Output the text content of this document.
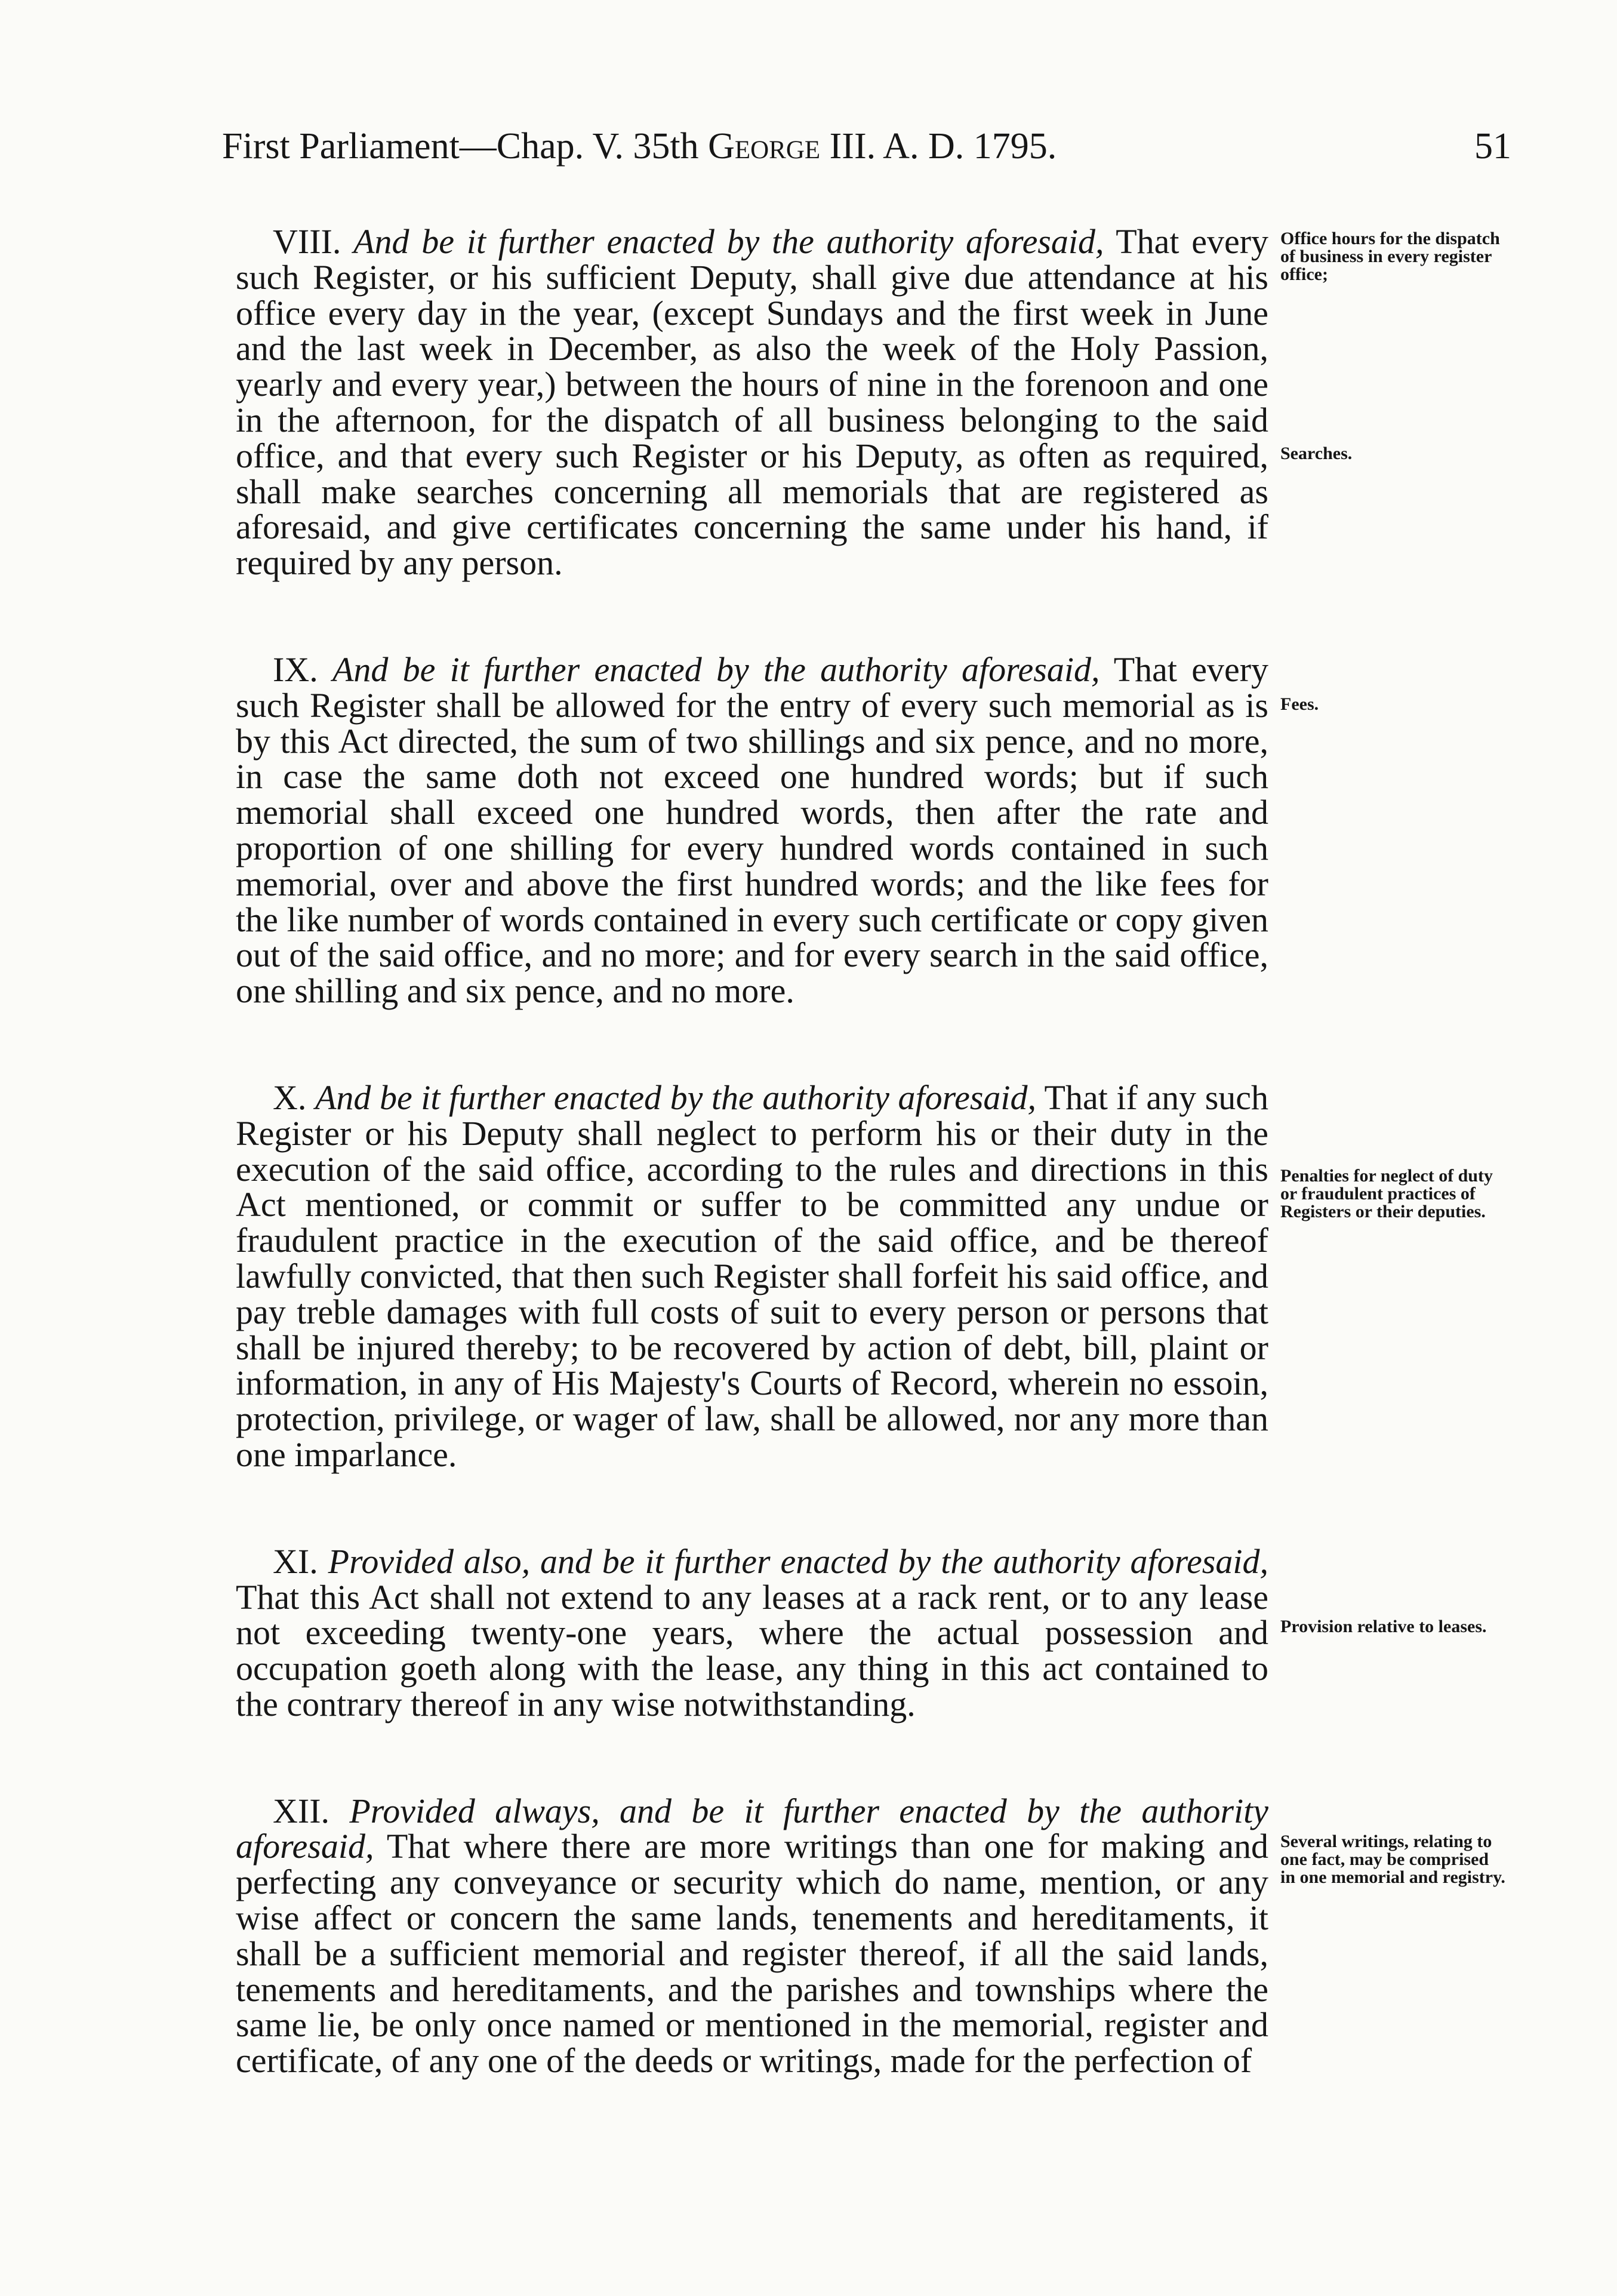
First Parliament—Chap. V. 35th George III. A. D. 1795.	51

VIII. And be it further enacted by the authority aforesaid, That every such Register, or his sufficient Deputy, shall give due attendance at his office every day in the year, (except Sundays and the first week in June and the last week in December, as also the week of the Holy Passion, yearly and every year,) between the hours of nine in the forenoon and one in the afternoon, for the dispatch of all business belonging to the said office, and that every such Register or his Deputy, as often as required, shall make searches concerning all memorials that are registered as aforesaid, and give certificates concerning the same under his hand, if required by any person.

IX. And be it further enacted by the authority aforesaid, That every such Register shall be allowed for the entry of every such memorial as is by this Act directed, the sum of two shillings and six pence, and no more, in case the same doth not exceed one hundred words; but if such memorial shall exceed one hundred words, then after the rate and proportion of one shilling for every hundred words contained in such memorial, over and above the first hundred words; and the like fees for the like number of words contained in every such certificate or copy given out of the said office, and no more; and for every search in the said office, one shilling and six pence, and no more.

X. And be it further enacted by the authority aforesaid, That if any such Register or his Deputy shall neglect to perform his or their duty in the execution of the said office, according to the rules and directions in this Act mentioned, or commit or suffer to be committed any undue or fraudulent practice in the execution of the said office, and be thereof lawfully convicted, that then such Register shall forfeit his said office, and pay treble damages with full costs of suit to every person or persons that shall be injured thereby; to be recovered by action of debt, bill, plaint or information, in any of His Majesty's Courts of Record, wherein no essoin, protection, privilege, or wager of law, shall be allowed, nor any more than one imparlance.

XI. Provided also, and be it further enacted by the authority aforesaid, That this Act shall not extend to any leases at a rack rent, or to any lease not exceeding twenty-one years, where the actual possession and occupation goeth along with the lease, any thing in this act contained to the contrary thereof in any wise notwithstanding.

XII. Provided always, and be it further enacted by the authority aforesaid, That where there are more writings than one for making and perfecting any conveyance or security which do name, mention, or any wise affect or concern the same lands, tenements and hereditaments, it shall be a sufficient memorial and register thereof, if all the said lands, tenements and hereditaments, and the parishes and townships where the same lie, be only once named or mentioned in the memorial, register and certificate, of any one of the deeds or writings, made for the perfection of

Office hours for the dispatch of business in every register office;
Searches.
Fees.
Penalties for neglect of duty or fraudulent practices of Registers or their deputies.
Provision relative to leases.
Several writings, relating to one fact, may be comprised in one memorial and registry.
